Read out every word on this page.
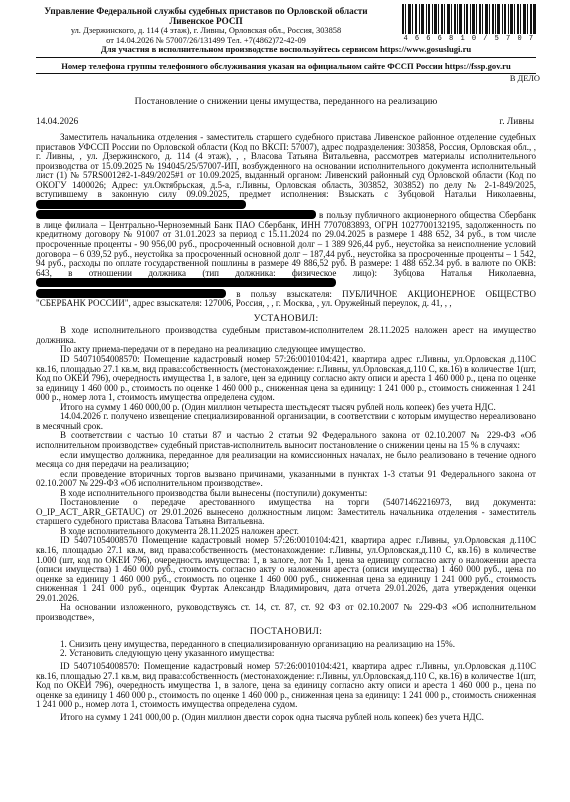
Управление Федеральной службы судебных приставов по Орловской области
Ливенское РОСП
ул. Дзержинского, д. 114 (4 этаж), г. Ливны, Орловская обл., Россия, 303858
от 14.04.2026 № 57007/26/131499 Тел. +7(4862)72-42-09	4 6 6 6 8 1 0 / 5 7 0 7
Для участия в исполнительном производстве воспользуйтесь сервисом https://www.gosuslugi.ru
Номер телефона группы телефонного обслуживания указан на официальном сайте ФССП России https://fssp.gov.ru
В ДЕЛО
Постановление о снижении цены имущества, переданного на реализацию
14.04.2026	г. Ливны

Заместитель начальника отделения - заместитель старшего судебного пристава Ливенское районное отделение судебных приставов УФССП России по Орловской области (Код по ВКСП: 57007), адрес подразделения: 303858, Россия, Орловская обл., , г. Ливны, , ул. Дзержинского, д. 114 (4 этаж), , , Власова Татьяна Витальевна, рассмотрев материалы исполнительного производства от 15.09.2025 № 194045/25/57007-ИП, возбужденного на основании исполнительного документа исполнительный лист (1) № 57RS0012#2-1-849/2025#1 от 10.09.2025, выданный органом: Ливенский районный суд Орловской области (Код по ОКОГУ 1400026; Адрес: ул.Октябрьская, д.5-а, г.Ливны, Орловская область, 303852, 303852) по делу № 2-1-849/2025, вступившему в законную силу 09.09.2025, предмет исполнения: Взыскать с Зубцовой Натальи Николаевны,

в пользу публичного акционерного общества Сбербанк в лице филиала – Центрально-Черноземный Банк ПАО Сбербанк, ИНН 7707083893, ОГРН 1027700132195, задолженность по кредитному договору № 91007 от 31.01.2023 за период с 15.11.2024 по 29.04.2025 в размере 1 488 652, 34 руб., в том числе просроченные проценты - 90 956,00 руб., просроченный основной долг – 1 389 926,44 руб., неустойка за неисполнение условий договора – 6 039,52 руб., неустойка за просроченный основной долг – 187,44 руб., неустойка за просроченные проценты – 1 542, 94 руб., расходы по оплате государственной пошлины в размере 49 886,52 руб. В размере: 1 488 652.34 руб. в валюте по ОКВ: 643, в отношении должника (тип должника: физическое лицо): Зубцова Наталья Николаевна,

в пользу взыскателя: ПУБЛИЧНОЕ АКЦИОНЕРНОЕ ОБЩЕСТВО "СБЕРБАНК РОССИИ", адрес взыскателя: 127006, Россия, , , г. Москва, , ул. Оружейный переулок, д. 41, , ,

УСТАНОВИЛ:

В ходе исполнительного производства судебным приставом-исполнителем 28.11.2025 наложен арест на имущество должника.

По акту приема-передачи от в передано на реализацию следующее имущество.

ID 54071054008570: Помещение кадастровый номер 57:26:0010104:421, квартира адрес г.Ливны, ул.Орловская д.110С кв.16, площадью 27.1 кв.м, вид права:собственность (местонахождение: г.Ливны, ул.Орловская,д.110 С, кв.16) в количестве 1(шт, Код по ОКЕИ 796), очередность имущества 1, в залоге, цен за единицу согласно акту описи и ареста 1 460 000 р., цена по оценке за единицу 1 460 000 р., стоимость по оценке 1 460 000 р., сниженная цена за единицу: 1 241 000 р., стоимость сниженная 1 241 000 р., номер лота 1, стоимость имущества определена судом.

Итого на сумму 1 460 000,00 р. (Один миллион четыреста шестьдесят тысяч рублей ноль копеек) без учета НДС.

14.04.2026 г. получено извещение специализированной организации, в соответствии с которым имущество нереализовано в месячный срок.

В соответствии с частью 10 статьи 87 и частью 2 статьи 92 Федерального закона от 02.10.2007 № 229-ФЗ «Об исполнительном производстве» судебный пристав-исполнитель выносит постановление о снижении цены на 15 % в случаях:

если имущество должника, переданное для реализации на комиссионных началах, не было реализовано в течение одного месяца со дня передачи на реализацию;

если проведение вторичных торгов вызвано причинами, указанными в пунктах 1-3 статьи 91 Федерального закона от 02.10.2007 № 229-ФЗ «Об исполнительном производстве».

В ходе исполнительного производства были вынесены (поступили) документы:

Постановление о передаче арестованного имущества на торги (54071462216973, вид документа: O_IP_ACT_ARR_GETAUC) от 29.01.2026 вынесено должностным лицом: Заместитель начальника отделения - заместитель старшего судебного пристава Власова Татьяна Витальевна.

В ходе исполнительного документа 28.11.2025 наложен арест.

ID 54071054008570 Помещение кадастровый номер 57:26:0010104:421, квартира адрес г.Ливны, ул.Орловская д.110С кв.16, площадью 27.1 кв.м, вид права:собственность (местонахождение: г.Ливны, ул.Орловская,д.110 С, кв.16) в количестве 1.000 (шт, код по ОКЕИ 796), очередность имущества: 1, в залоге, лот № 1, цена за единицу согласно акту о наложении ареста (описи имущества) 1 460 000 руб., стоимость согласно акту о наложении ареста (описи имущества) 1 460 000 руб., цена по оценке за единицу 1 460 000 руб., стоимость по оценке 1 460 000 руб., сниженная цена за единицу 1 241 000 руб., стоимость сниженная 1 241 000 руб., оценщик Фуртак Александр Владимирович, дата отчета 29.01.2026, дата утверждения оценки 29.01.2026.

На основании изложенного, руководствуясь ст. 14, ст. 87, ст. 92 ФЗ от 02.10.2007 № 229-ФЗ «Об исполнительном производстве»,

ПОСТАНОВИЛ:

1. Снизить цену имущества, переданного в специализированную организацию на реализацию на 15%.

2. Установить следующую цену указанного имущества:

ID 54071054008570: Помещение кадастровый номер 57:26:0010104:421, квартира адрес г.Ливны, ул.Орловская д.110С кв.16, площадью 27.1 кв.м, вид права:собственность (местонахождение: г.Ливны, ул.Орловская,д.110 С, кв.16) в количестве 1(шт, Код по ОКЕИ 796), очередность имущества 1, в залоге, цена за единицу согласно акту описи и ареста 1 460 000 р., цена по оценке за единицу 1 460 000 р., стоимость по оценке 1 460 000 р., сниженная цена за единицу: 1 241 000 р., стоимость сниженная 1 241 000 р., номер лота 1, стоимость имущества определена судом.

Итого на сумму 1 241 000,00 р. (Один миллион двести сорок одна тысяча рублей ноль копеек) без учета НДС.
